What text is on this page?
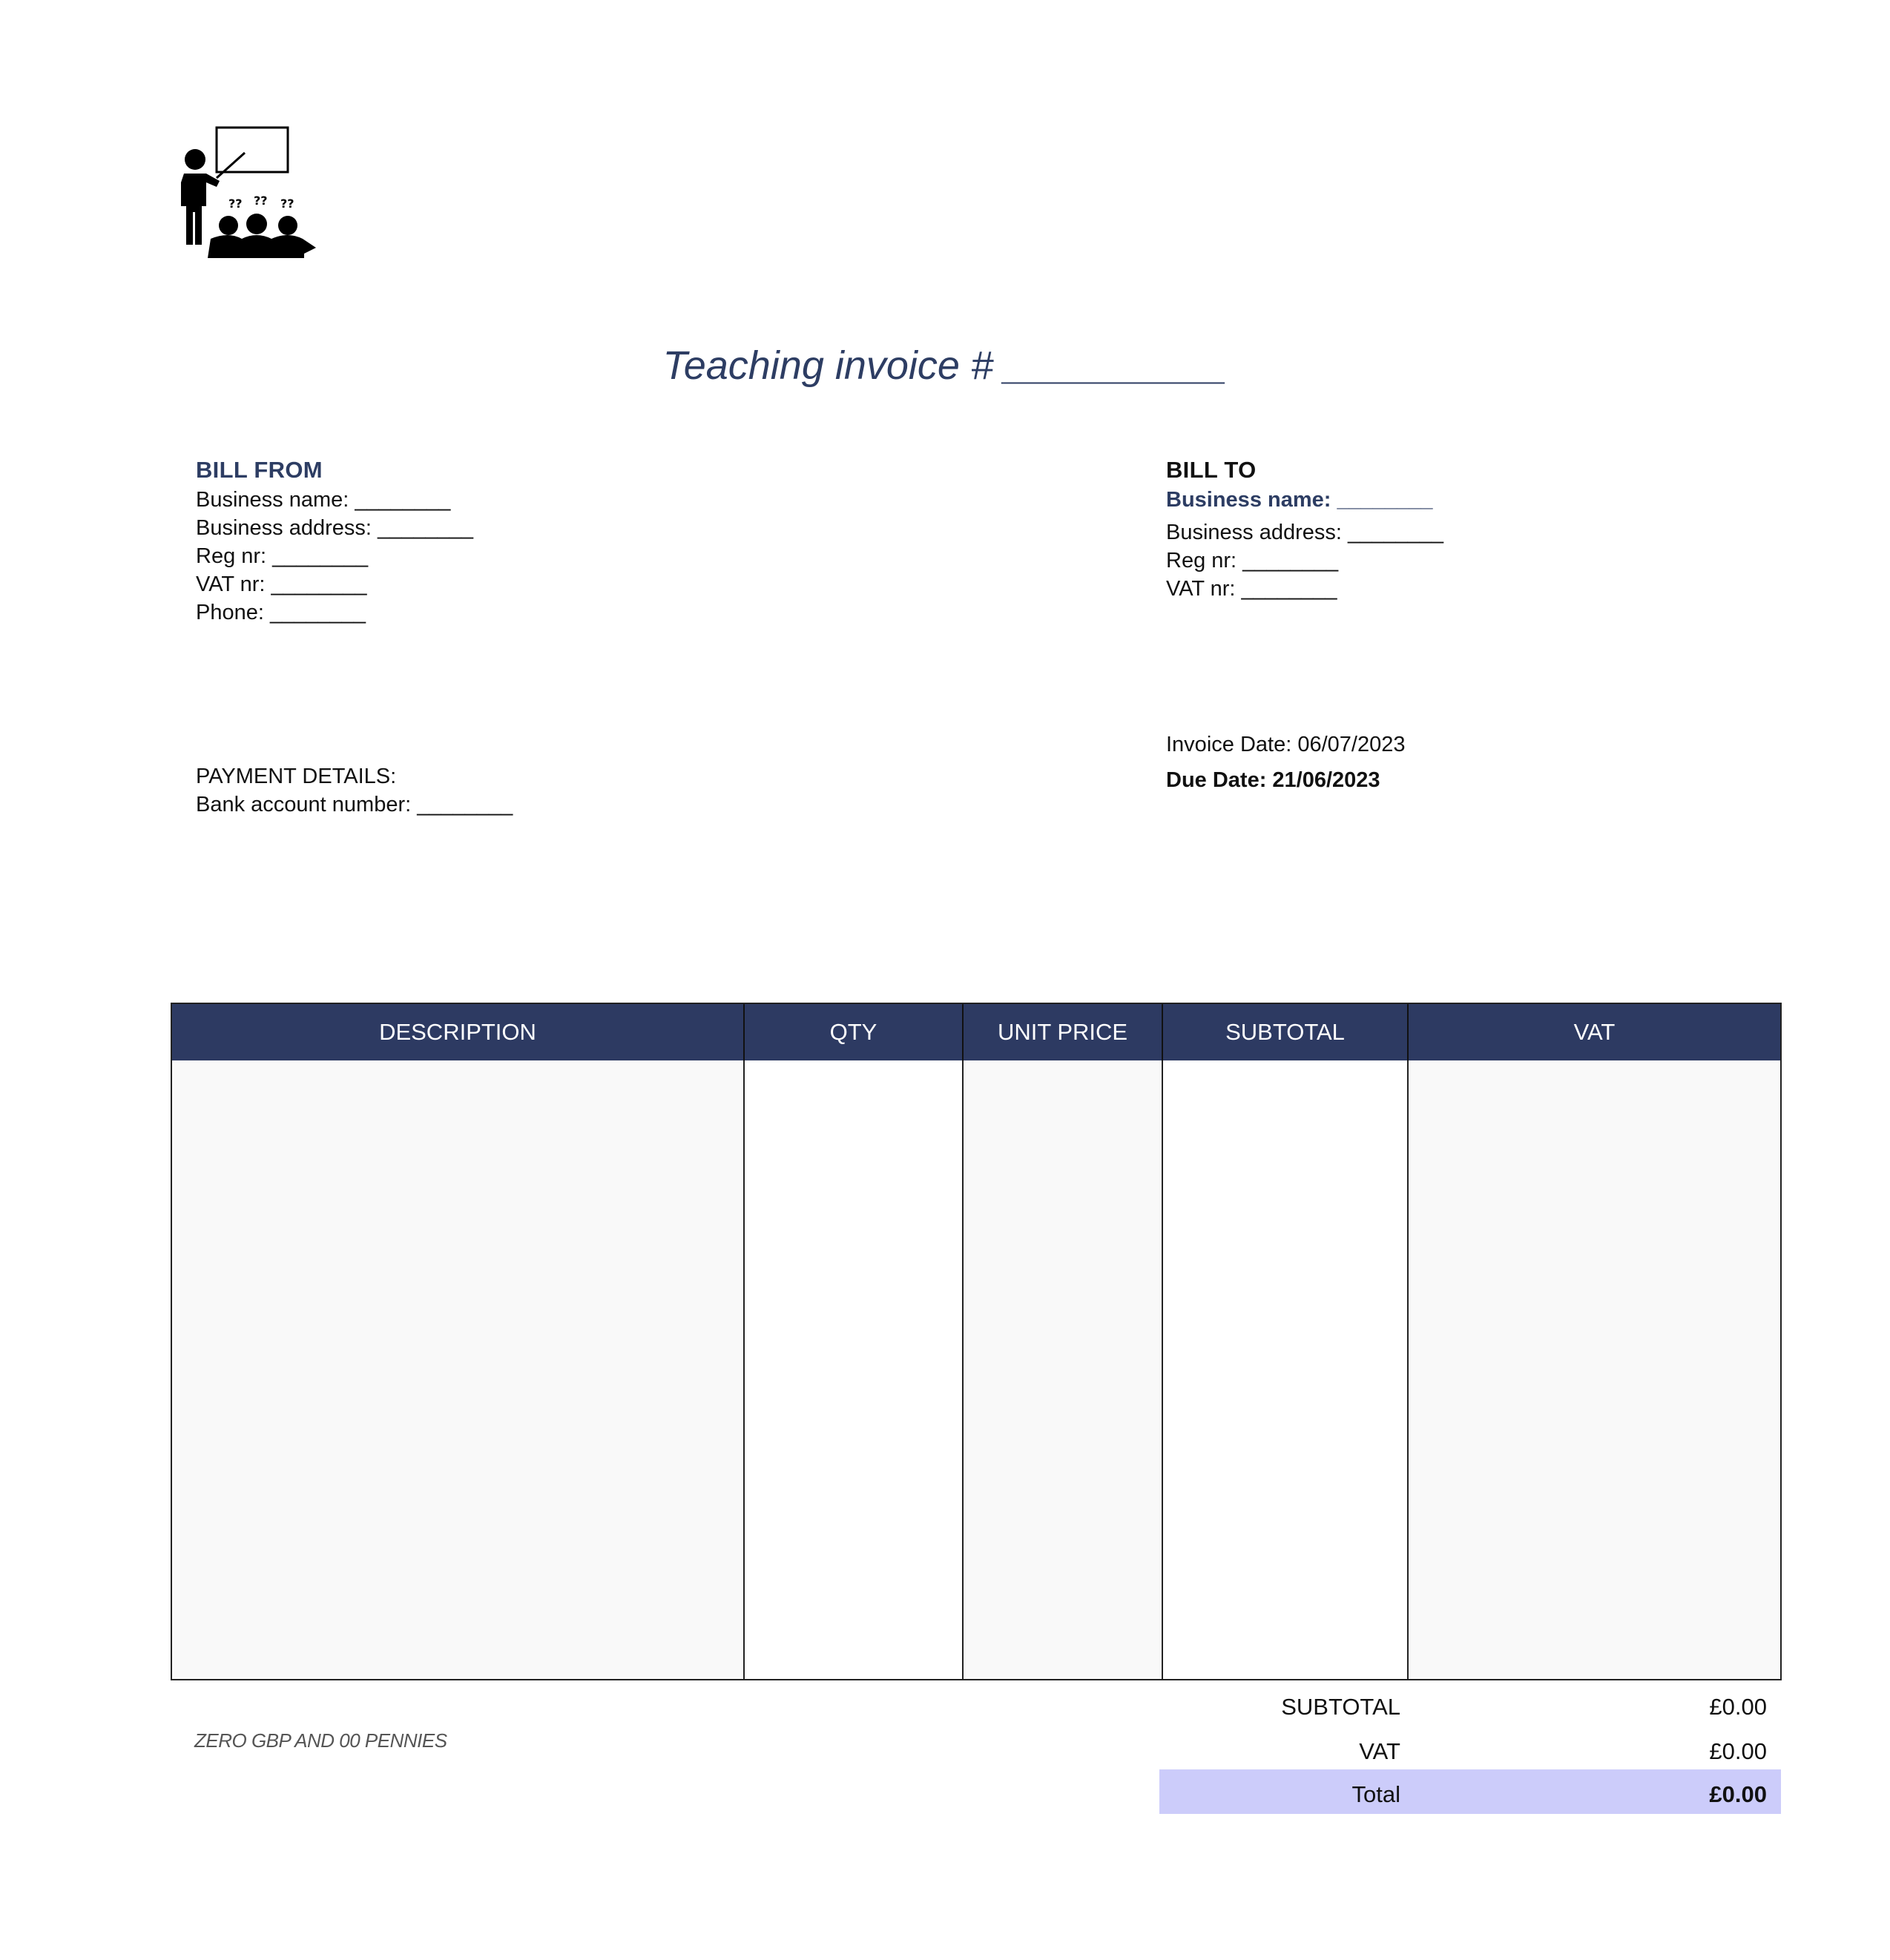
?? ?? ??
Teaching invoice # __________
BILL FROM
Business name: ________
Business address: ________
Reg nr: ________
VAT nr: ________
Phone: ________
BILL TO
Business name: ________
Business address: ________
Reg nr: ________
VAT nr: ________
Invoice Date: 06/07/2023
Due Date: 21/06/2023
PAYMENT DETAILS:
Bank account number: ________
DESCRIPTION	QTY	UNIT PRICE	SUBTOTAL	VAT
ZERO GBP AND 00 PENNIES
SUBTOTAL	£0.00
VAT	£0.00
Total	£0.00
